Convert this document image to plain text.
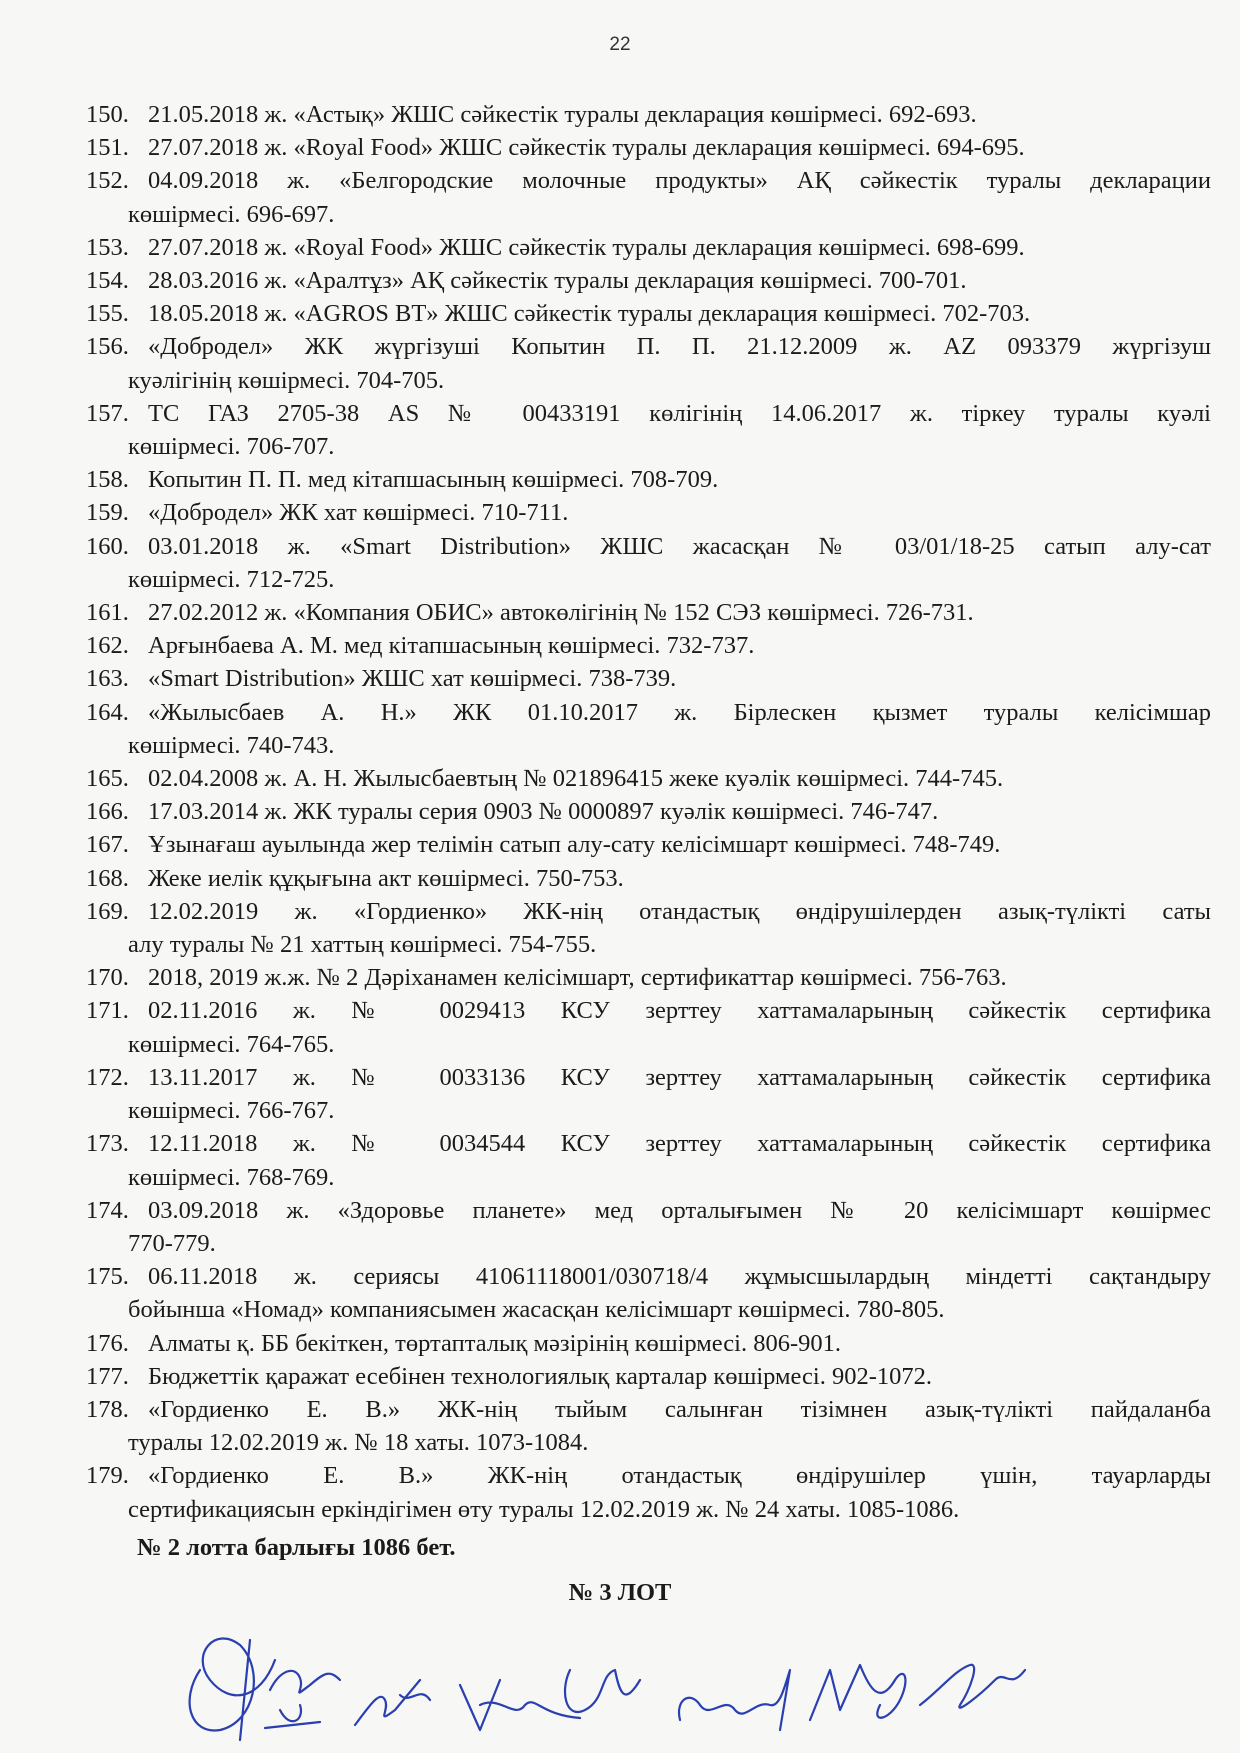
22
150. 21.05.2018 ж. «Астық» ЖШС сәйкестік туралы декларация көшірмесі. 692-693.
151. 27.07.2018 ж. «Royal Food» ЖШС сәйкестік туралы декларация көшірмесі. 694-695.
152. 04.09.2018 ж. «Белгородские молочные продукты» АҚ сәйкестік туралы декларации
көшірмесі. 696-697.
153. 27.07.2018 ж. «Royal Food» ЖШС сәйкестік туралы декларация көшірмесі. 698-699.
154. 28.03.2016 ж. «Аралтұз» АҚ сәйкестік туралы декларация көшірмесі. 700-701.
155. 18.05.2018 ж. «AGROS BT» ЖШС сәйкестік туралы декларация көшірмесі. 702-703.
156. «Добродел» ЖК жүргізуші Копытин П. П. 21.12.2009 ж. AZ 093379 жүргізуш
куәлігінің көшірмесі. 704-705.
157. ТС ГАЗ 2705-38 AS № 00433191 көлігінің 14.06.2017 ж. тіркеу туралы куәлі
көшірмесі. 706-707.
158. Копытин П. П. мед кітапшасының көшірмесі. 708-709.
159. «Добродел» ЖК хат көшірмесі. 710-711.
160. 03.01.2018 ж. «Smart Distribution» ЖШС жасасқан № 03/01/18-25 сатып алу-сат
көшірмесі. 712-725.
161. 27.02.2012 ж. «Компания ОБИС» автокөлігінің № 152 СЭЗ көшірмесі. 726-731.
162. Арғынбаева А. М. мед кітапшасының көшірмесі. 732-737.
163. «Smart Distribution» ЖШС хат көшірмесі. 738-739.
164. «Жылысбаев А. Н.» ЖК 01.10.2017 ж. Бірлескен қызмет туралы келісімшар
көшірмесі. 740-743.
165. 02.04.2008 ж. А. Н. Жылысбаевтың № 021896415 жеке куәлік көшірмесі. 744-745.
166. 17.03.2014 ж. ЖК туралы серия 0903 № 0000897 куәлік көшірмесі. 746-747.
167. Ұзынағаш ауылында жер телімін сатып алу-сату келісімшарт көшірмесі. 748-749.
168. Жеке иелік құқығына акт көшірмесі. 750-753.
169. 12.02.2019 ж. «Гордиенко» ЖК-нің отандастық өндірушілерден азық-түлікті саты
алу туралы № 21 хаттың көшірмесі. 754-755.
170. 2018, 2019 ж.ж. № 2 Дәріханамен келісімшарт, сертификаттар көшірмесі. 756-763.
171. 02.11.2016 ж. № 0029413 КСУ зерттеу хаттамаларының сәйкестік сертифика
көшірмесі. 764-765.
172. 13.11.2017 ж. № 0033136 КСУ зерттеу хаттамаларының сәйкестік сертифика
көшірмесі. 766-767.
173. 12.11.2018 ж. № 0034544 КСУ зерттеу хаттамаларының сәйкестік сертифика
көшірмесі. 768-769.
174. 03.09.2018 ж. «Здоровье планете» мед орталығымен № 20 келісімшарт көшірмес
770-779.
175. 06.11.2018 ж. сериясы 41061118001/030718/4 жұмысшылардың міндетті сақтандыру
бойынша «Номад» компаниясымен жасасқан келісімшарт көшірмесі. 780-805.
176. Алматы қ. ББ бекіткен, төртапталық мәзірінің көшірмесі. 806-901.
177. Бюджеттік қаражат есебінен технологиялық карталар көшірмесі. 902-1072.
178. «Гордиенко Е. В.» ЖК-нің тыйым салынған тізімнен азық-түлікті пайдаланба
туралы 12.02.2019 ж. № 18 хаты. 1073-1084.
179. «Гордиенко Е. В.» ЖК-нің отандастық өндірушілер үшін, тауарларды
сертификациясын еркіндігімен өту туралы 12.02.2019 ж. № 24 хаты. 1085-1086.
№ 2 лотта барлығы 1086 бет.
№ 3 ЛОТ
